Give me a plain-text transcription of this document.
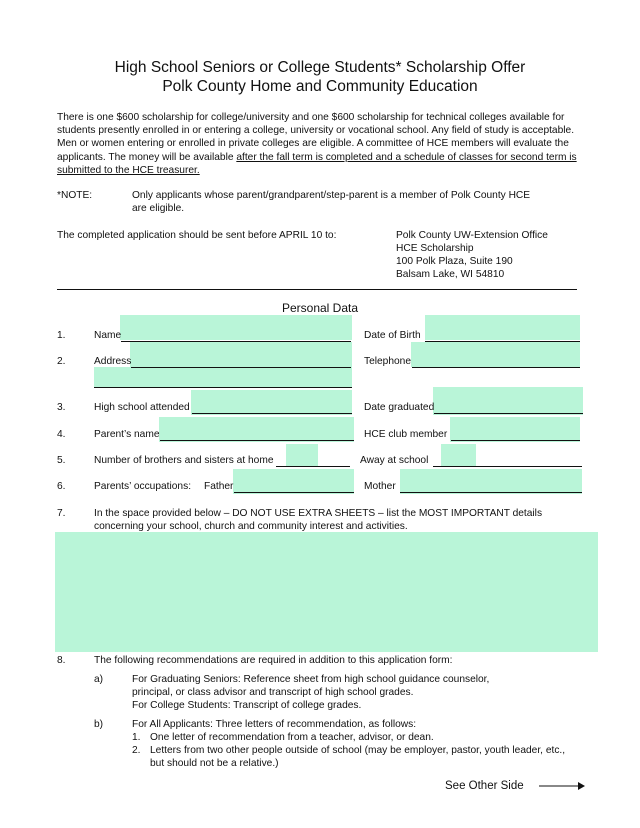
High School Seniors or College Students* Scholarship Offer
Polk County Home and Community Education
There is one $600 scholarship for college/university and one $600 scholarship for technical colleges available for students presently enrolled in or entering a college, university or vocational school. Any field of study is acceptable. Men or women entering or enrolled in private colleges are eligible. A committee of HCE members will evaluate the applicants. The money will be available after the fall term is completed and a schedule of classes for second term is submitted to the HCE treasurer.
*NOTE:	Only applicants whose parent/grandparent/step-parent is a member of Polk County HCE
are eligible.
The completed application should be sent before APRIL 10 to:	Polk County UW-Extension Office
HCE Scholarship
100 Polk Plaza, Suite 190
Balsam Lake, WI 54810
Personal Data
1.	Name	Date of Birth
2.	Address	Telephone
3.	High school attended	Date graduated
4.	Parent’s name	HCE club member
5.	Number of brothers and sisters at home	Away at school
6.	Parents’ occupations: Father	Mother
7.	In the space provided below – DO NOT USE EXTRA SHEETS – list the MOST IMPORTANT details
concerning your school, church and community interest and activities.
8.	The following recommendations are required in addition to this application form:
a)	For Graduating Seniors: Reference sheet from high school guidance counselor,
principal, or class advisor and transcript of high school grades.
For College Students: Transcript of college grades.
b)	For All Applicants: Three letters of recommendation, as follows:
1. One letter of recommendation from a teacher, advisor, or dean.
2. Letters from two other people outside of school (may be employer, pastor, youth leader, etc.,
but should not be a relative.)
See Other Side
